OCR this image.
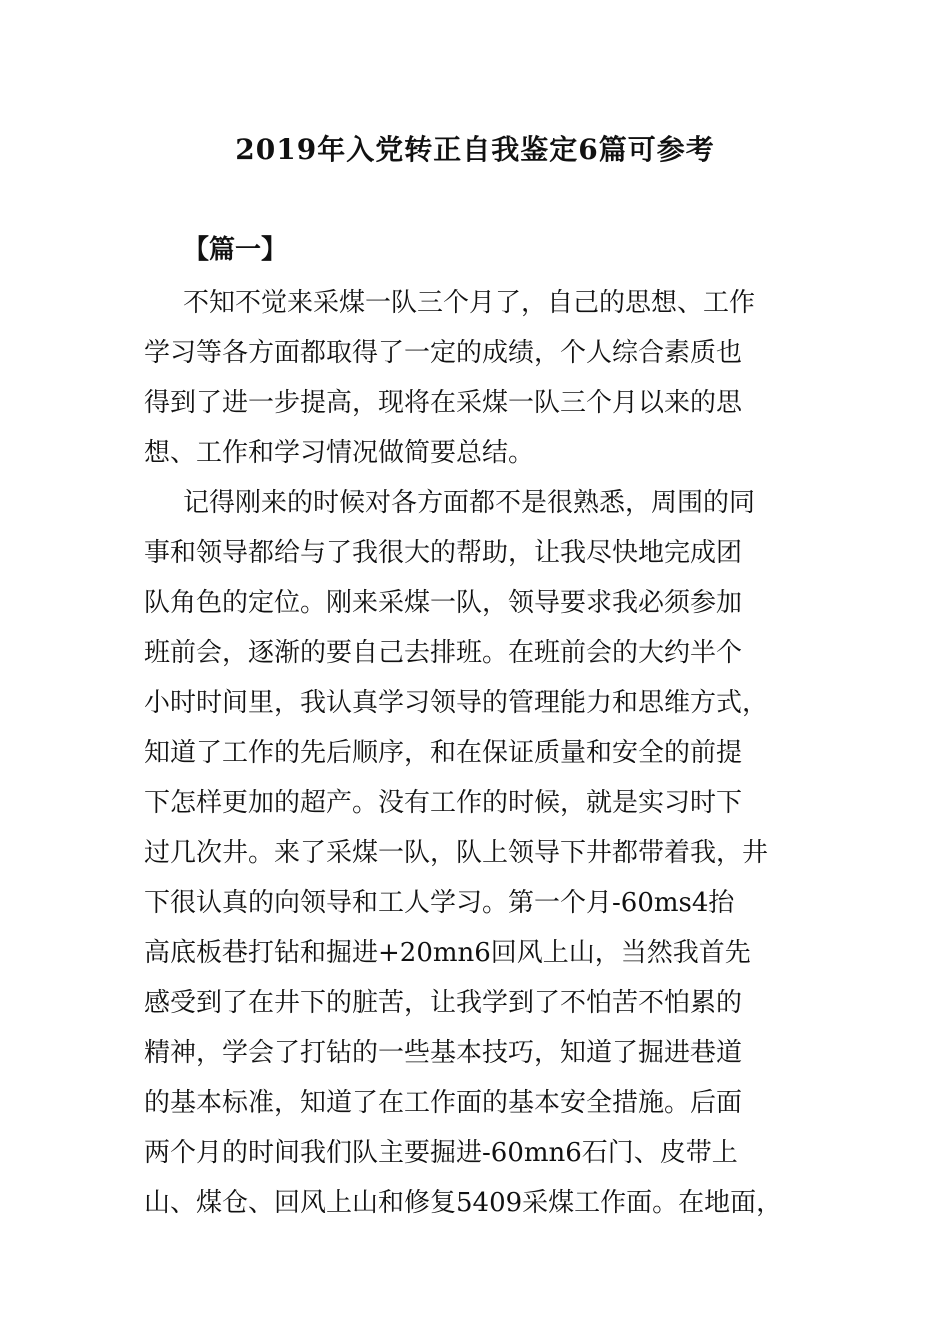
2019年入党转正自我鉴定6篇可参考
【篇一】

不知不觉来采煤一队三个月了，自己的思想、工作
学习等各方面都取得了一定的成绩，个人综合素质也
得到了进一步提高，现将在采煤一队三个月以来的思
想、工作和学习情况做简要总结。

记得刚来的时候对各方面都不是很熟悉，周围的同
事和领导都给与了我很大的帮助，让我尽快地完成团
队角色的定位。刚来采煤一队，领导要求我必须参加
班前会，逐渐的要自己去排班。在班前会的大约半个
小时时间里，我认真学习领导的管理能力和思维方式，
知道了工作的先后顺序，和在保证质量和安全的前提
下怎样更加的超产。没有工作的时候，就是实习时下
过几次井。来了采煤一队，队上领导下井都带着我，井
下很认真的向领导和工人学习。第一个月-60ms4抬
高底板巷打钻和掘进+20mn6回风上山，当然我首先
感受到了在井下的脏苦，让我学到了不怕苦不怕累的
精神，学会了打钻的一些基本技巧，知道了掘进巷道
的基本标准，知道了在工作面的基本安全措施。后面
两个月的时间我们队主要掘进-60mn6石门、皮带上
山、煤仓、回风上山和修复5409采煤工作面。在地面，
